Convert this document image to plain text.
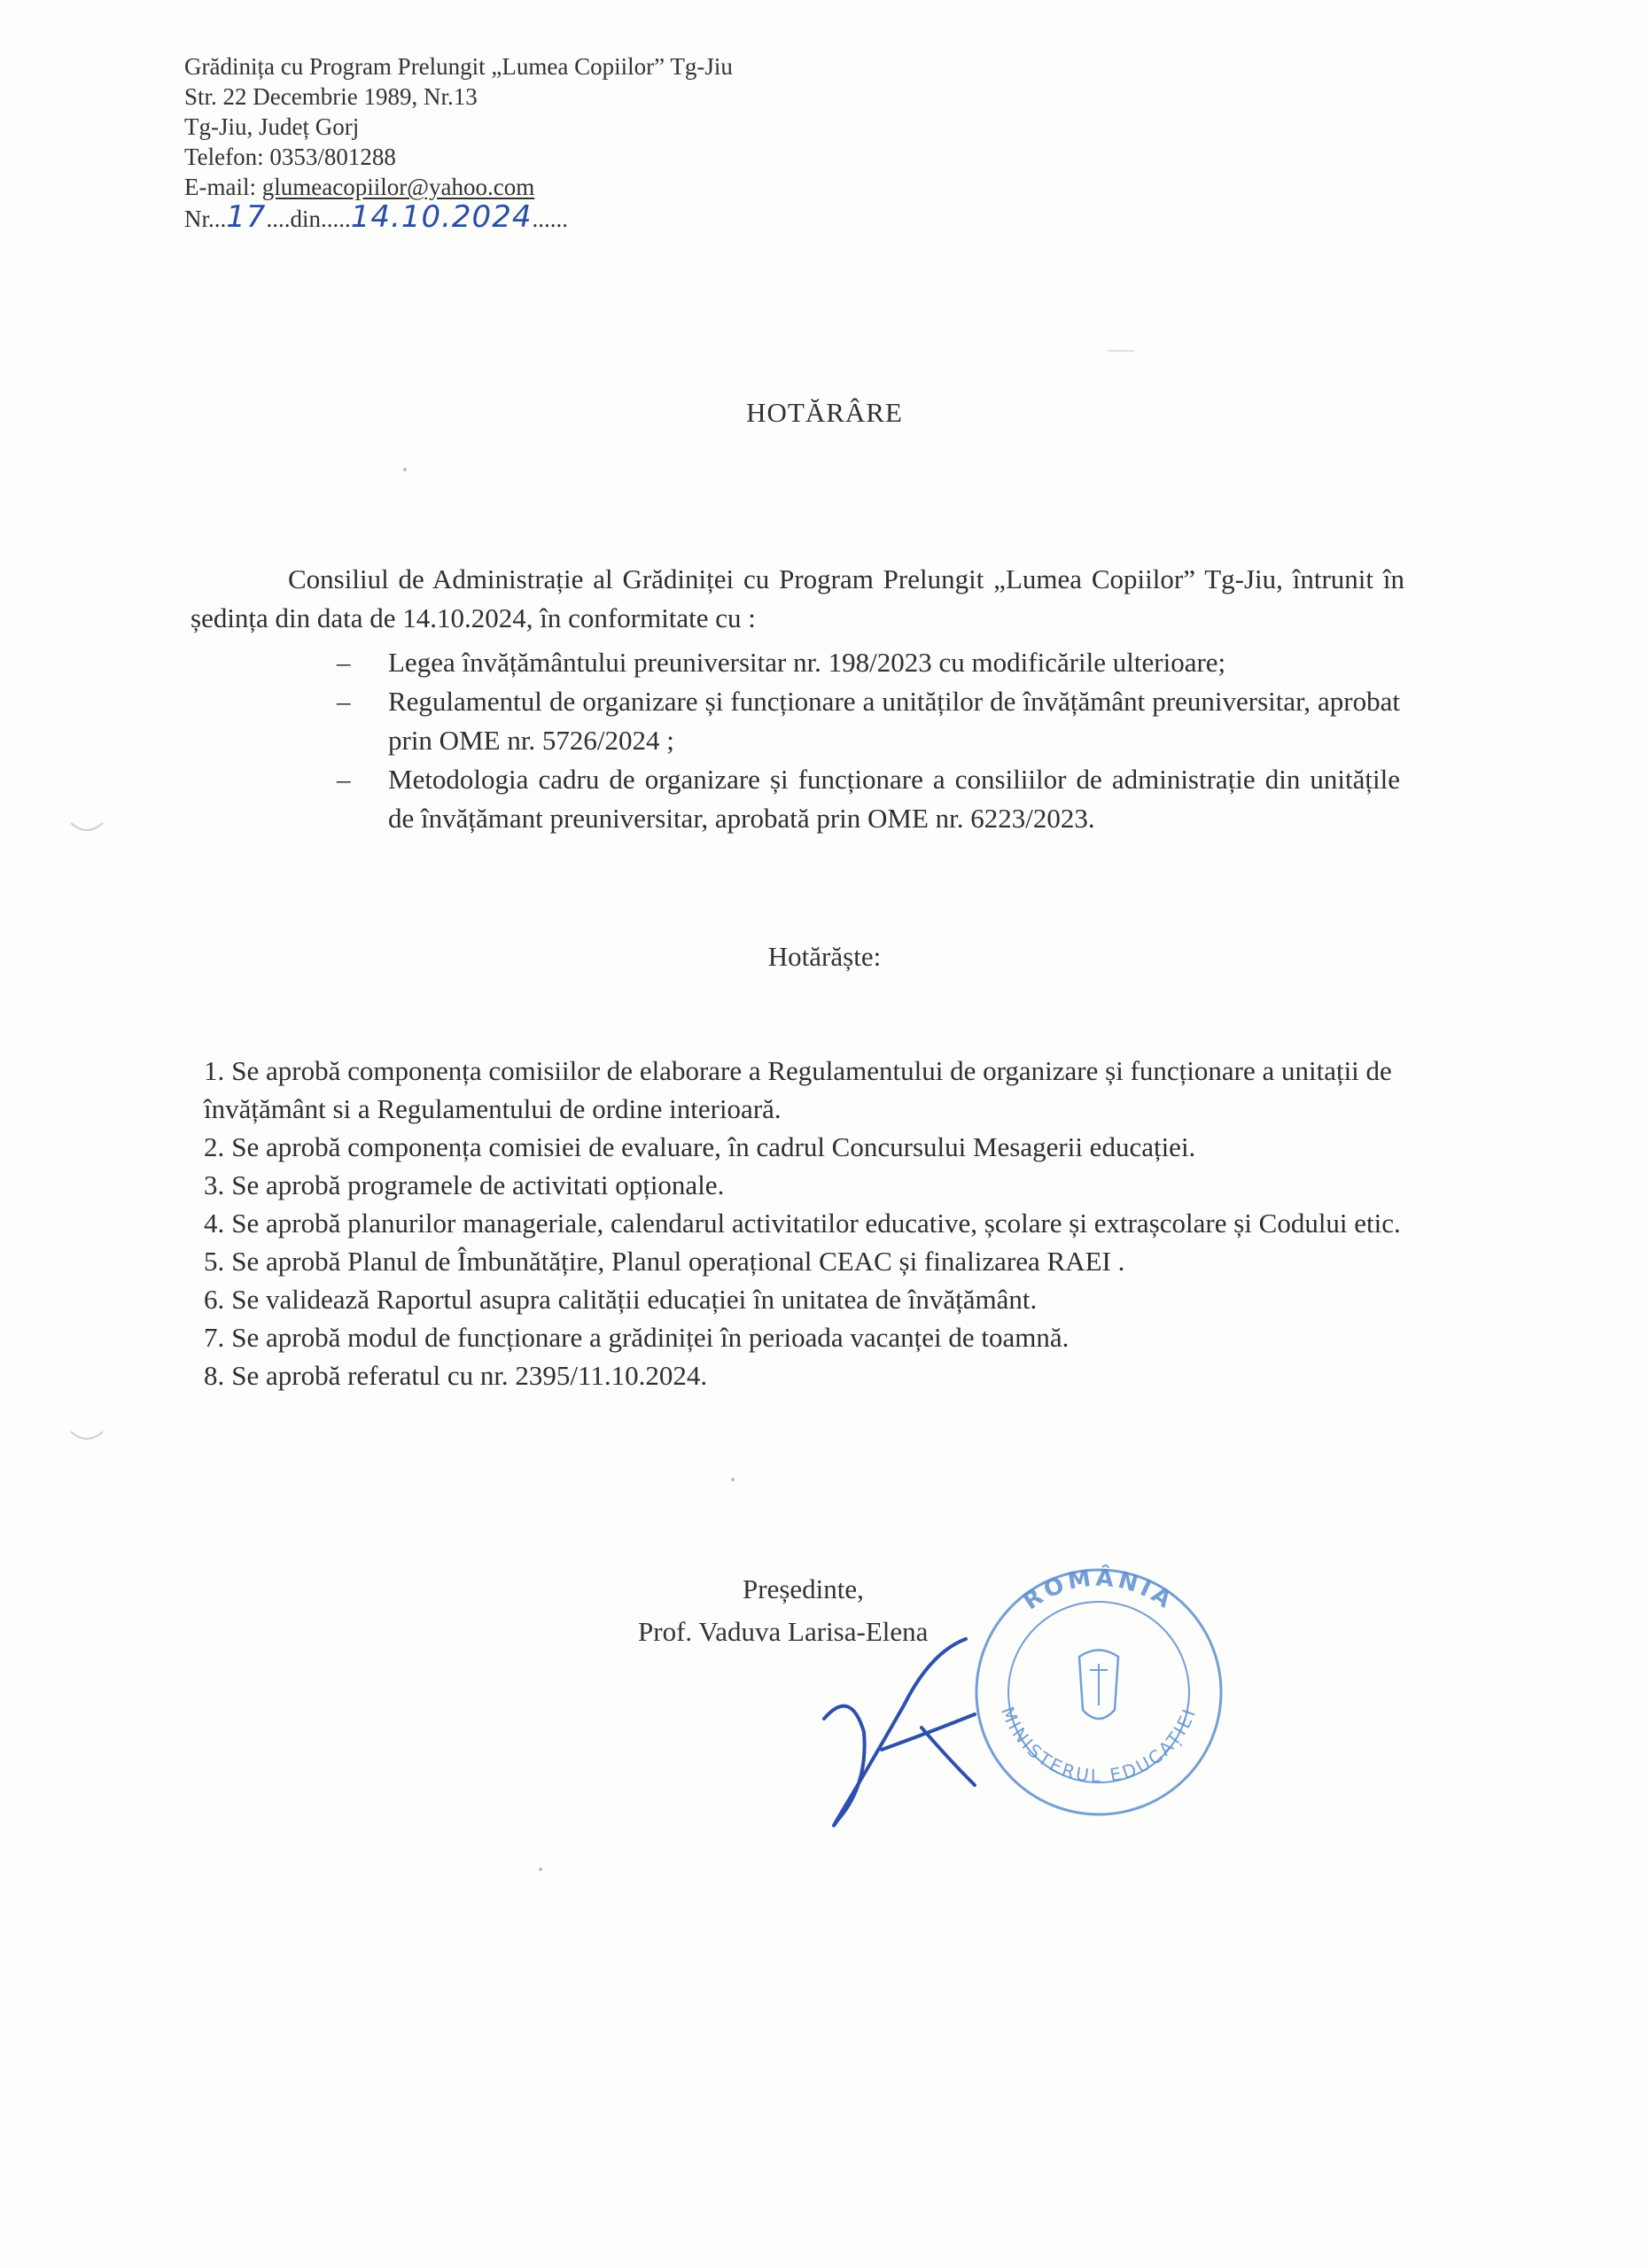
Grădinița cu Program Prelungit „Lumea Copiilor” Tg-Jiu
Str. 22 Decembrie 1989, Nr.13
Tg-Jiu, Județ Gorj
Telefon: 0353/801288
E-mail: glumeacopiilor@yahoo.com
Nr...17....din.....14.10.2024......
HOTĂRÂRE
Consiliul de Administrație al Grădiniței cu Program Prelungit „Lumea Copiilor” Tg-Jiu, întrunit în ședința din data de 14.10.2024, în conformitate cu :
– Legea învățământului preuniversitar nr. 198/2023 cu modificările ulterioare;
– Regulamentul de organizare și funcționare a unităților de învățământ preuniversitar, aprobat prin OME nr. 5726/2024 ;
– Metodologia cadru de organizare și funcționare a consiliilor de administrație din unitățile de învățămant preuniversitar, aprobată prin OME nr. 6223/2023.
Hotărăște:
1. Se aprobă componența comisiilor de elaborare a Regulamentului de organizare și funcționare a unitații de învățământ si a Regulamentului de ordine interioară.
2. Se aprobă componența comisiei de evaluare, în cadrul Concursului Mesagerii educației.
3. Se aprobă programele de activitati opționale.
4. Se aprobă planurilor manageriale, calendarul activitatilor educative, școlare și extrașcolare și Codului etic.
5. Se aprobă Planul de Îmbunătățire, Planul operațional CEAC și finalizarea RAEI .
6. Se validează Raportul asupra calității educației în unitatea de învățământ.
7. Se aprobă modul de funcționare a grădiniței în perioada vacanței de toamnă.
8. Se aprobă referatul cu nr. 2395/11.10.2024.
Președinte,
Prof. Vaduva Larisa-Elena
ROMÂNIA
MINISTERUL EDUCAȚIEI
